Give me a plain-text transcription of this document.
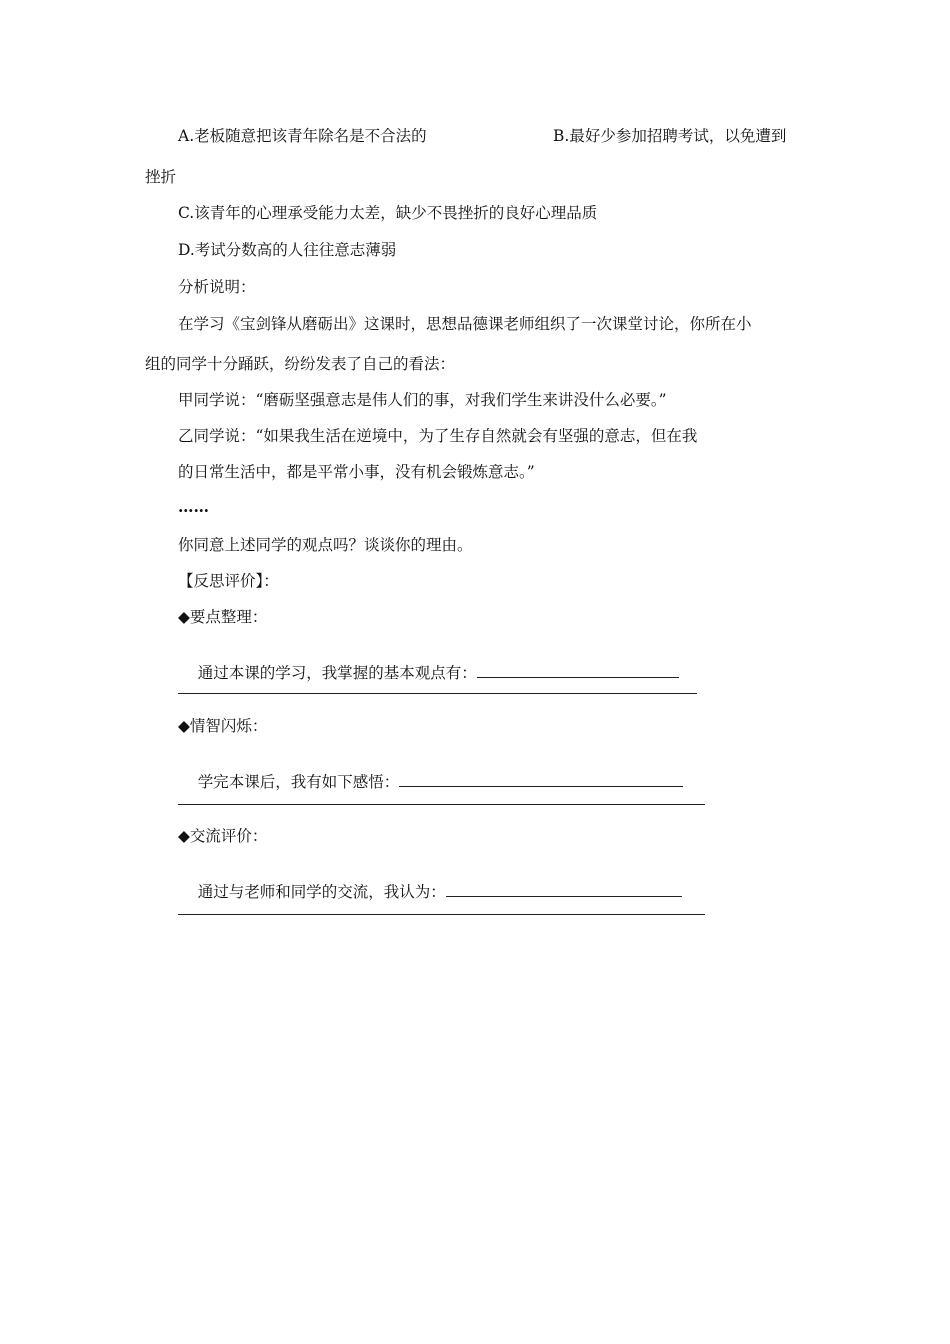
A.老板随意把该青年除名是不合法的	B.最好少参加招聘考试，以免遭到
挫折
C.该青年的心理承受能力太差，缺少不畏挫折的良好心理品质
D.考试分数高的人往往意志薄弱
分析说明：
在学习《宝剑锋从磨砺出》这课时，思想品德课老师组织了一次课堂讨论，你所在小
组的同学十分踊跃，纷纷发表了自己的看法：
甲同学说：“磨砺坚强意志是伟人们的事，对我们学生来讲没什么必要。”
乙同学说：“如果我生活在逆境中，为了生存自然就会有坚强的意志，但在我
的日常生活中，都是平常小事，没有机会锻炼意志。”
……
你同意上述同学的观点吗？谈谈你的理由。
【反思评价】：
◆要点整理：

通过本课的学习，我掌握的基本观点有：

◆情智闪烁：

学完本课后，我有如下感悟：

◆交流评价：

通过与老师和同学的交流，我认为：
